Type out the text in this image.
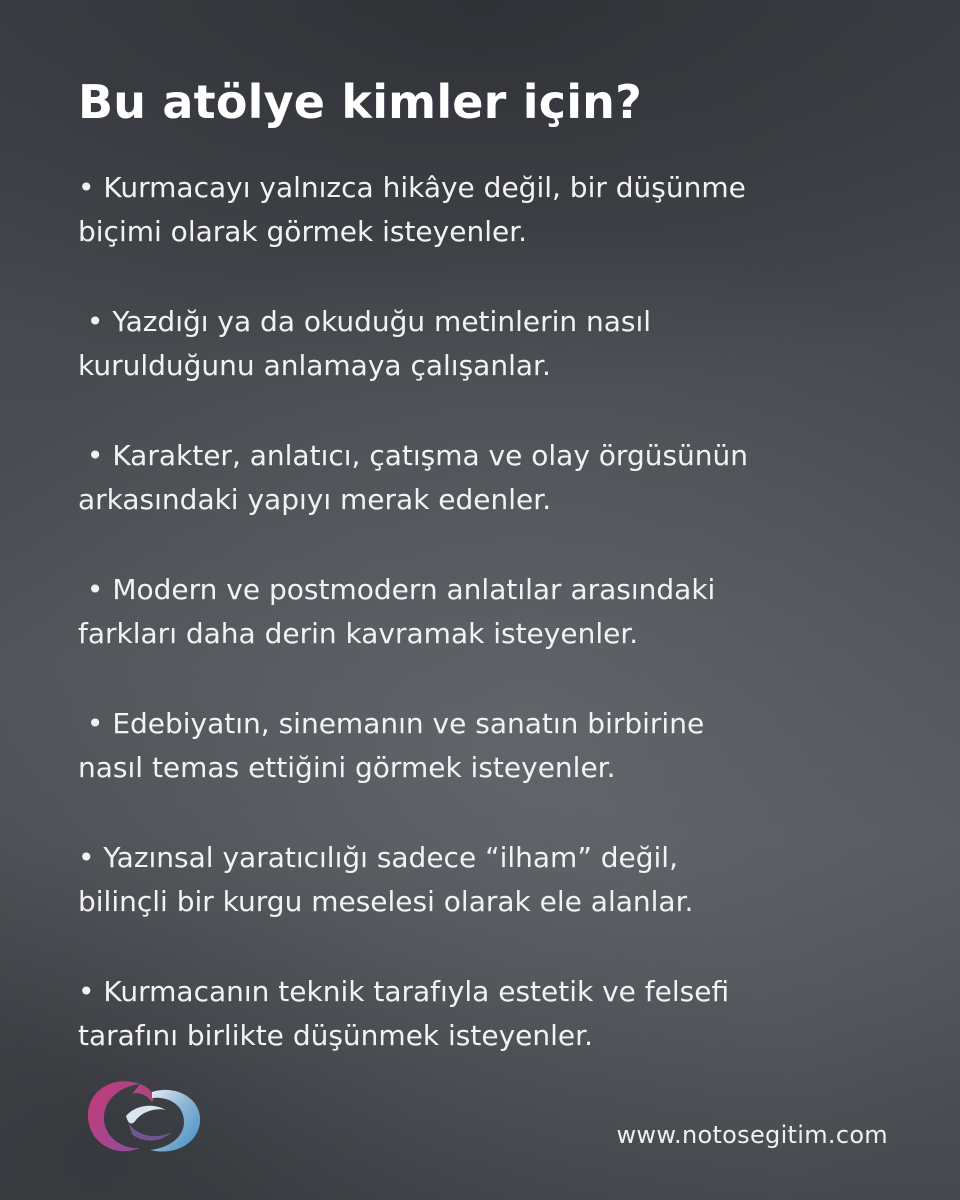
Bu atölye kimler için?
• Kurmacayı yalnızca hikâye değil, bir düşünme
biçimi olarak görmek isteyenler.
• Yazdığı ya da okuduğu metinlerin nasıl
kurulduğunu anlamaya çalışanlar.
• Karakter, anlatıcı, çatışma ve olay örgüsünün
arkasındaki yapıyı merak edenler.
• Modern ve postmodern anlatılar arasındaki
farkları daha derin kavramak isteyenler.
• Edebiyatın, sinemanın ve sanatın birbirine
nasıl temas ettiğini görmek isteyenler.
• Yazınsal yaratıcılığı sadece “ilham” değil,
bilinçli bir kurgu meselesi olarak ele alanlar.
• Kurmacanın teknik tarafıyla estetik ve felsefi
tarafını birlikte düşünmek isteyenler.
www.notosegitim.com
